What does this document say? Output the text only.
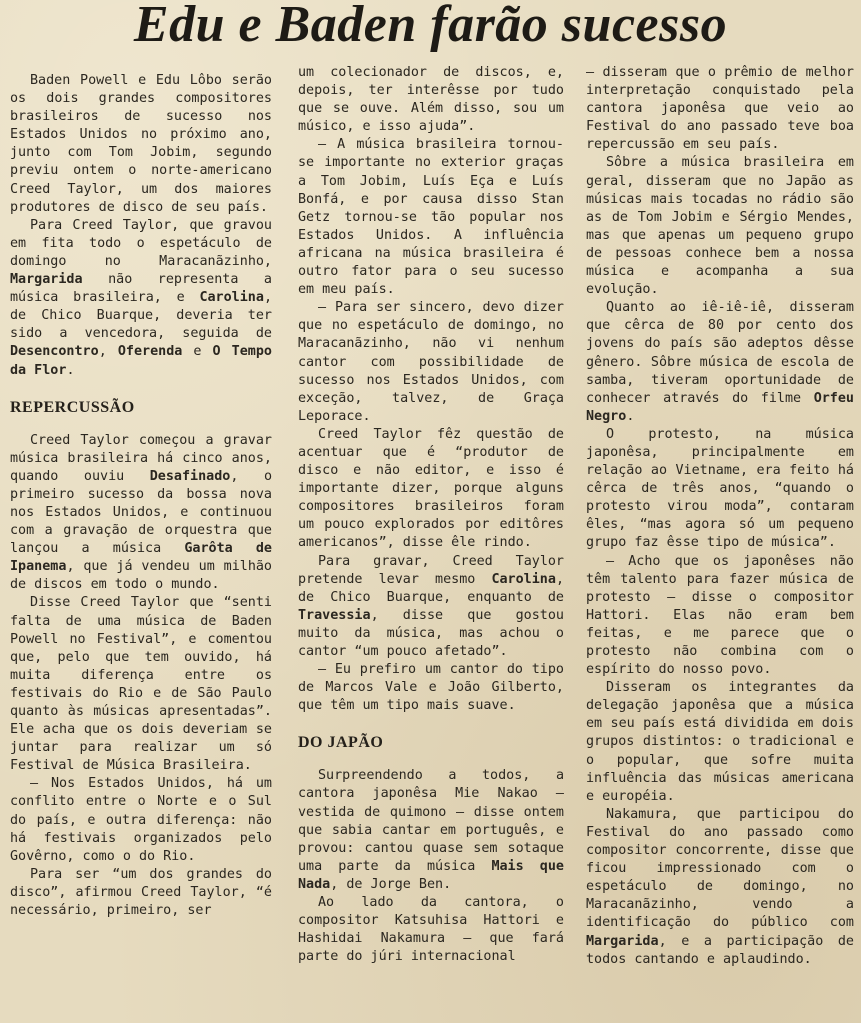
Edu e Baden farão sucesso

Baden Powell e Edu Lôbo serão os dois grandes compositores brasileiros de sucesso nos Estados Unidos no próximo ano, junto com Tom Jobim, segundo previu ontem o norte-americano Creed Taylor, um dos maiores produtores de disco de seu país.

Para Creed Taylor, que gravou em fita todo o espetáculo de domingo no Maracanãzinho, Margarida não representa a música brasileira, e Carolina, de Chico Buarque, deveria ter sido a vencedora, seguida de Desencontro, Oferenda e O Tempo da Flor.

REPERCUSSÃO

Creed Taylor começou a gravar música brasileira há cinco anos, quando ouviu Desafinado, o primeiro sucesso da bossa nova nos Estados Unidos, e continuou com a gravação de orquestra que lançou a música Garôta de Ipanema, que já vendeu um milhão de discos em todo o mundo.

Disse Creed Taylor que “senti falta de uma música de Baden Powell no Festival”, e comentou que, pelo que tem ouvido, há muita diferença entre os festivais do Rio e de São Paulo quanto às músicas apresentadas”. Ele acha que os dois deveriam se juntar para realizar um só Festival de Música Brasileira.

— Nos Estados Unidos, há um conflito entre o Norte e o Sul do país, e outra diferença: não há festivais organizados pelo Govêrno, como o do Rio.

Para ser “um dos grandes do disco”, afirmou Creed Taylor, “é necessário, primeiro, ser

um colecionador de discos, e, depois, ter interêsse por tudo que se ouve. Além disso, sou um músico, e isso ajuda”.

— A música brasileira tornou-se importante no exterior graças a Tom Jobim, Luís Eça e Luís Bonfá, e por causa disso Stan Getz tornou-se tão popular nos Estados Unidos. A influência africana na música brasileira é outro fator para o seu sucesso em meu país.

— Para ser sincero, devo dizer que no espetáculo de domingo, no Maracanãzinho, não vi nenhum cantor com possibilidade de sucesso nos Estados Unidos, com exceção, talvez, de Graça Leporace.

Creed Taylor fêz questão de acentuar que é “produtor de disco e não editor, e isso é importante dizer, porque alguns compositores brasileiros foram um pouco explorados por editôres americanos”, disse êle rindo.

Para gravar, Creed Taylor pretende levar mesmo Carolina, de Chico Buarque, enquanto de Travessia, disse que gostou muito da música, mas achou o cantor “um pouco afetado”.

— Eu prefiro um cantor do tipo de Marcos Vale e João Gilberto, que têm um tipo mais suave.

DO JAPÃO

Surpreendendo a todos, a cantora japonêsa Mie Nakao — vestida de quimono — disse ontem que sabia cantar em português, e provou: cantou quase sem sotaque uma parte da música Mais que Nada, de Jorge Ben.

Ao lado da cantora, o compositor Katsuhisa Hattori e Hashidai Nakamura — que fará parte do júri internacional

— disseram que o prêmio de melhor interpretação conquistado pela cantora japonêsa que veio ao Festival do ano passado teve boa repercussão em seu país.

Sôbre a música brasileira em geral, disseram que no Japão as músicas mais tocadas no rádio são as de Tom Jobim e Sérgio Mendes, mas que apenas um pequeno grupo de pessoas conhece bem a nossa música e acompanha a sua evolução.

Quanto ao iê-iê-iê, disseram que cêrca de 80 por cento dos jovens do país são adeptos dêsse gênero. Sôbre música de escola de samba, tiveram oportunidade de conhecer através do filme Orfeu Negro.

O protesto, na música japonêsa, principalmente em relação ao Vietname, era feito há cêrca de três anos, “quando o protesto virou moda”, contaram êles, “mas agora só um pequeno grupo faz êsse tipo de música”.

— Acho que os japonêses não têm talento para fazer música de protesto — disse o compositor Hattori. Elas não eram bem feitas, e me parece que o protesto não combina com o espírito do nosso povo.

Disseram os integrantes da delegação japonêsa que a música em seu país está dividida em dois grupos distintos: o tradicional e o popular, que sofre muita influência das músicas americana e européia.

Nakamura, que participou do Festival do ano passado como compositor concorrente, disse que ficou impressionado com o espetáculo de domingo, no Maracanãzinho, vendo a identificação do público com Margarida, e a participação de todos cantando e aplaudindo.
